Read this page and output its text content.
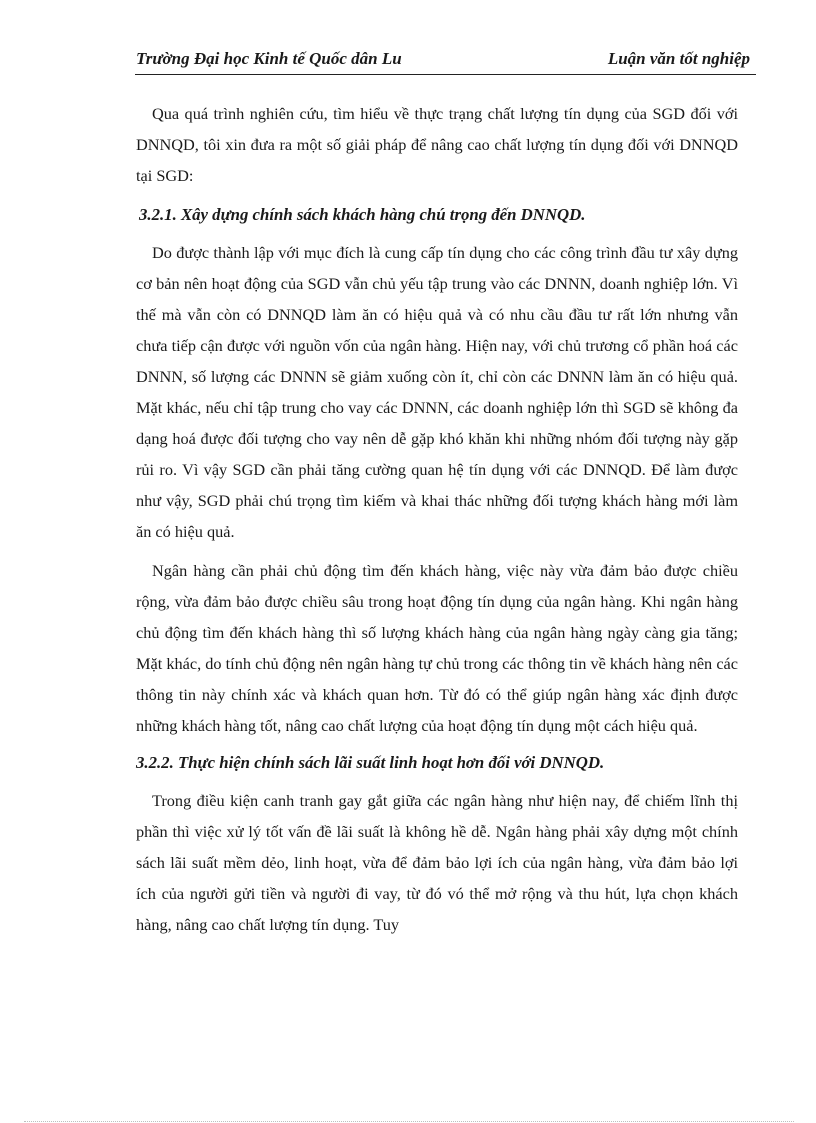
Trường Đại học Kinh tế Quốc dân Lu	Luận văn tốt nghiệp

Qua quá trình nghiên cứu, tìm hiểu về thực trạng chất lượng tín dụng của SGD đối với DNNQD, tôi xin đưa ra một số giải pháp để nâng cao chất lượng tín dụng đối với DNNQD tại SGD:

3.2.1. Xây dựng chính sách khách hàng chú trọng đến DNNQD.

Do được thành lập với mục đích là cung cấp tín dụng cho các công trình đầu tư xây dựng cơ bản nên hoạt động của SGD vẫn chủ yếu tập trung vào các DNNN, doanh nghiệp lớn. Vì thế mà vẫn còn có DNNQD làm ăn có hiệu quả và có nhu cầu đầu tư rất lớn nhưng vẫn chưa tiếp cận được với nguồn vốn của ngân hàng. Hiện nay, với chủ trương cổ phần hoá các DNNN, số lượng các DNNN sẽ giảm xuống còn ít, chỉ còn các DNNN làm ăn có hiệu quả. Mặt khác, nếu chỉ tập trung cho vay các DNNN, các doanh nghiệp lớn thì SGD sẽ không đa dạng hoá được đối tượng cho vay nên dễ gặp khó khăn khi những nhóm đối tượng này gặp rủi ro. Vì vậy SGD cần phải tăng cường quan hệ tín dụng với các DNNQD. Để làm được như vậy, SGD phải chú trọng tìm kiếm và khai thác những đối tượng khách hàng mới làm ăn có hiệu quả.

Ngân hàng cần phải chủ động tìm đến khách hàng, việc này vừa đảm bảo được chiều rộng, vừa đảm bảo được chiều sâu trong hoạt động tín dụng của ngân hàng. Khi ngân hàng chủ động tìm đến khách hàng thì số lượng khách hàng của ngân hàng ngày càng gia tăng; Mặt khác, do tính chủ động nên ngân hàng tự chủ trong các thông tin về khách hàng nên các thông tin này chính xác và khách quan hơn. Từ đó có thể giúp ngân hàng xác định được những khách hàng tốt, nâng cao chất lượng của hoạt động tín dụng một cách hiệu quả.

3.2.2. Thực hiện chính sách lãi suất linh hoạt hơn đối với DNNQD.

Trong điều kiện canh tranh gay gắt giữa các ngân hàng như hiện nay, để chiếm lĩnh thị phần thì việc xử lý tốt vấn đề lãi suất là không hề dễ. Ngân hàng phải xây dựng một chính sách lãi suất mềm dẻo, linh hoạt, vừa để đảm bảo lợi ích của ngân hàng, vừa đảm bảo lợi ích của người gửi tiền và người đi vay, từ đó vó thể mở rộng và thu hút, lựa chọn khách hàng, nâng cao chất lượng tín dụng. Tuy
